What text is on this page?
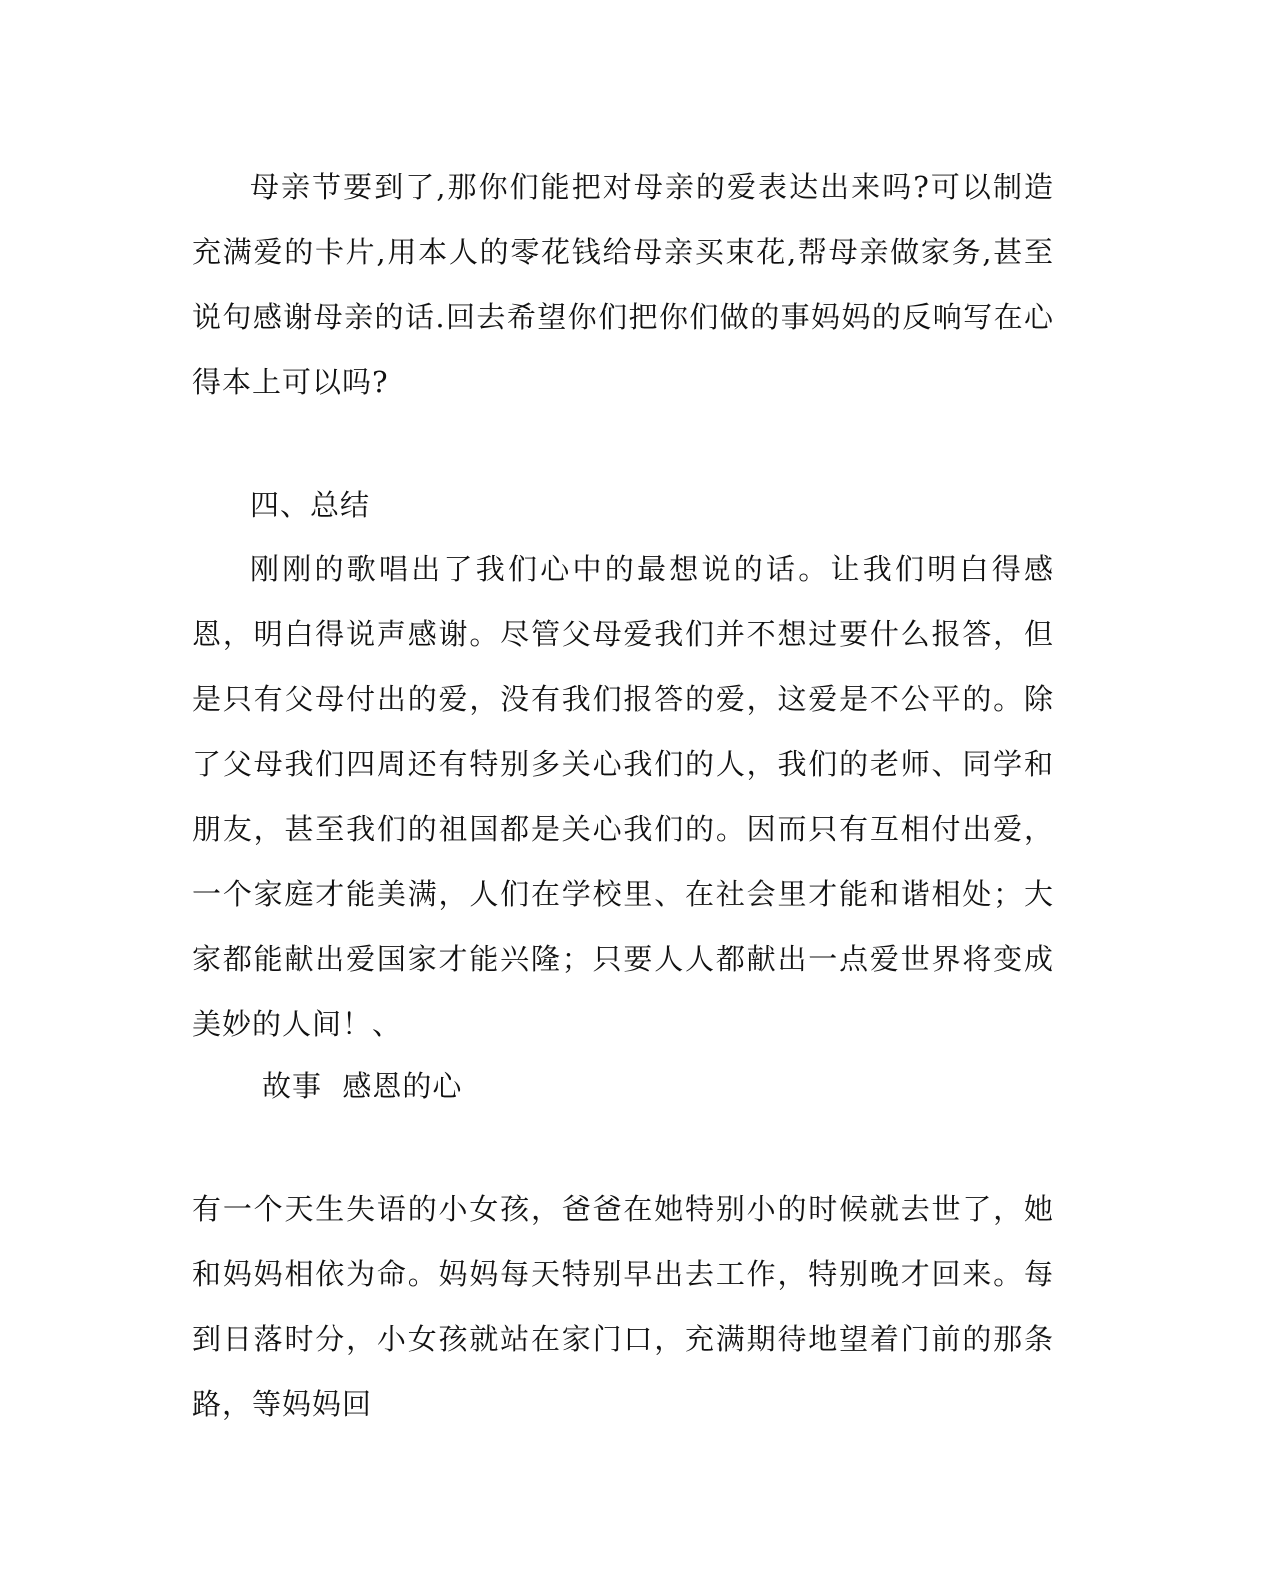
母亲节要到了,那你们能把对母亲的爱表达出来吗?可以制造充满爱的卡片,用本人的零花钱给母亲买束花,帮母亲做家务,甚至说句感谢母亲的话.回去希望你们把你们做的事妈妈的反响写在心得本上可以吗?

四、总结

刚刚的歌唱出了我们心中的最想说的话。让我们明白得感恩，明白得说声感谢。尽管父母爱我们并不想过要什么报答，但是只有父母付出的爱，没有我们报答的爱，这爱是不公平的。除了父母我们四周还有特别多关心我们的人，我们的老师、同学和朋友，甚至我们的祖国都是关心我们的。因而只有互相付出爱，一个家庭才能美满，人们在学校里、在社会里才能和谐相处；大家都能献出爱国家才能兴隆；只要人人都献出一点爱世界将变成美妙的人间！、

故事  感恩的心

有一个天生失语的小女孩，爸爸在她特别小的时候就去世了，她和妈妈相依为命。妈妈每天特别早出去工作，特别晚才回来。每到日落时分，小女孩就站在家门口，充满期待地望着门前的那条路，等妈妈回
